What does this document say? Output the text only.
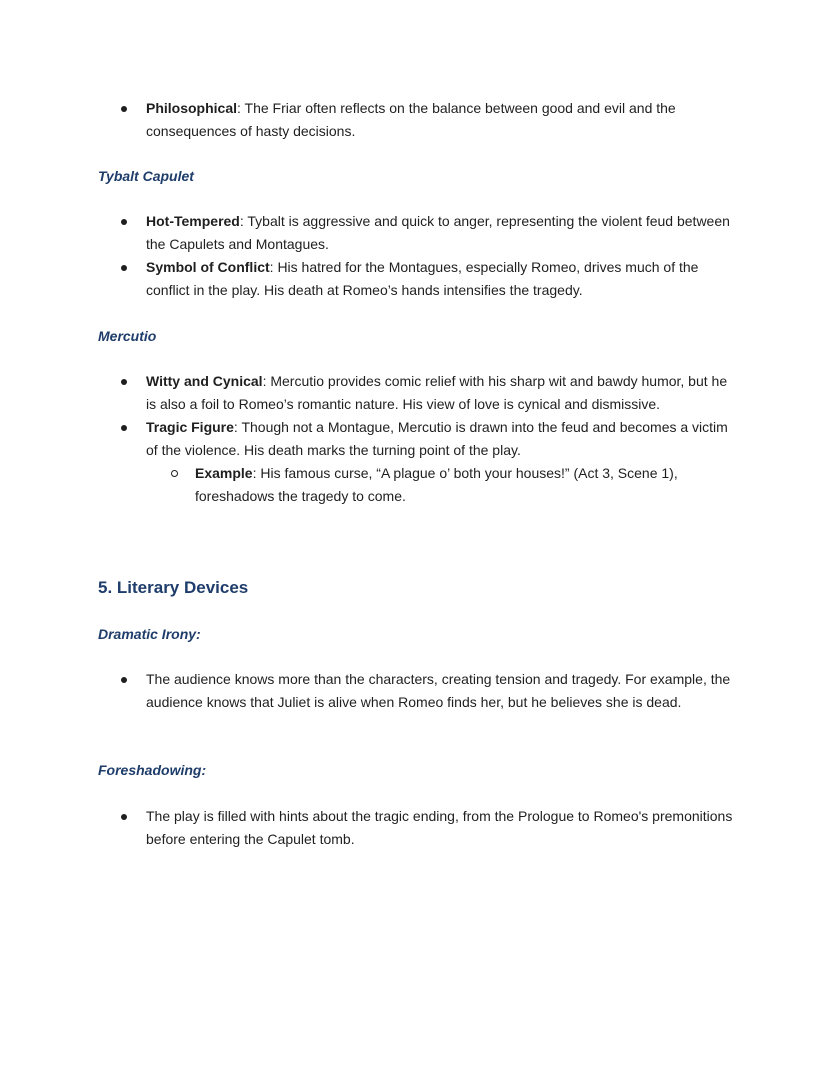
Philosophical: The Friar often reflects on the balance between good and evil and the consequences of hasty decisions.
Tybalt Capulet
Hot-Tempered: Tybalt is aggressive and quick to anger, representing the violent feud between the Capulets and Montagues.
Symbol of Conflict: His hatred for the Montagues, especially Romeo, drives much of the conflict in the play. His death at Romeo’s hands intensifies the tragedy.
Mercutio
Witty and Cynical: Mercutio provides comic relief with his sharp wit and bawdy humor, but he is also a foil to Romeo’s romantic nature. His view of love is cynical and dismissive.
Tragic Figure: Though not a Montague, Mercutio is drawn into the feud and becomes a victim of the violence. His death marks the turning point of the play.
Example: His famous curse, “A plague o’ both your houses!” (Act 3, Scene 1), foreshadows the tragedy to come.
5. Literary Devices
Dramatic Irony:
The audience knows more than the characters, creating tension and tragedy. For example, the audience knows that Juliet is alive when Romeo finds her, but he believes she is dead.
Foreshadowing:
The play is filled with hints about the tragic ending, from the Prologue to Romeo's premonitions before entering the Capulet tomb.
